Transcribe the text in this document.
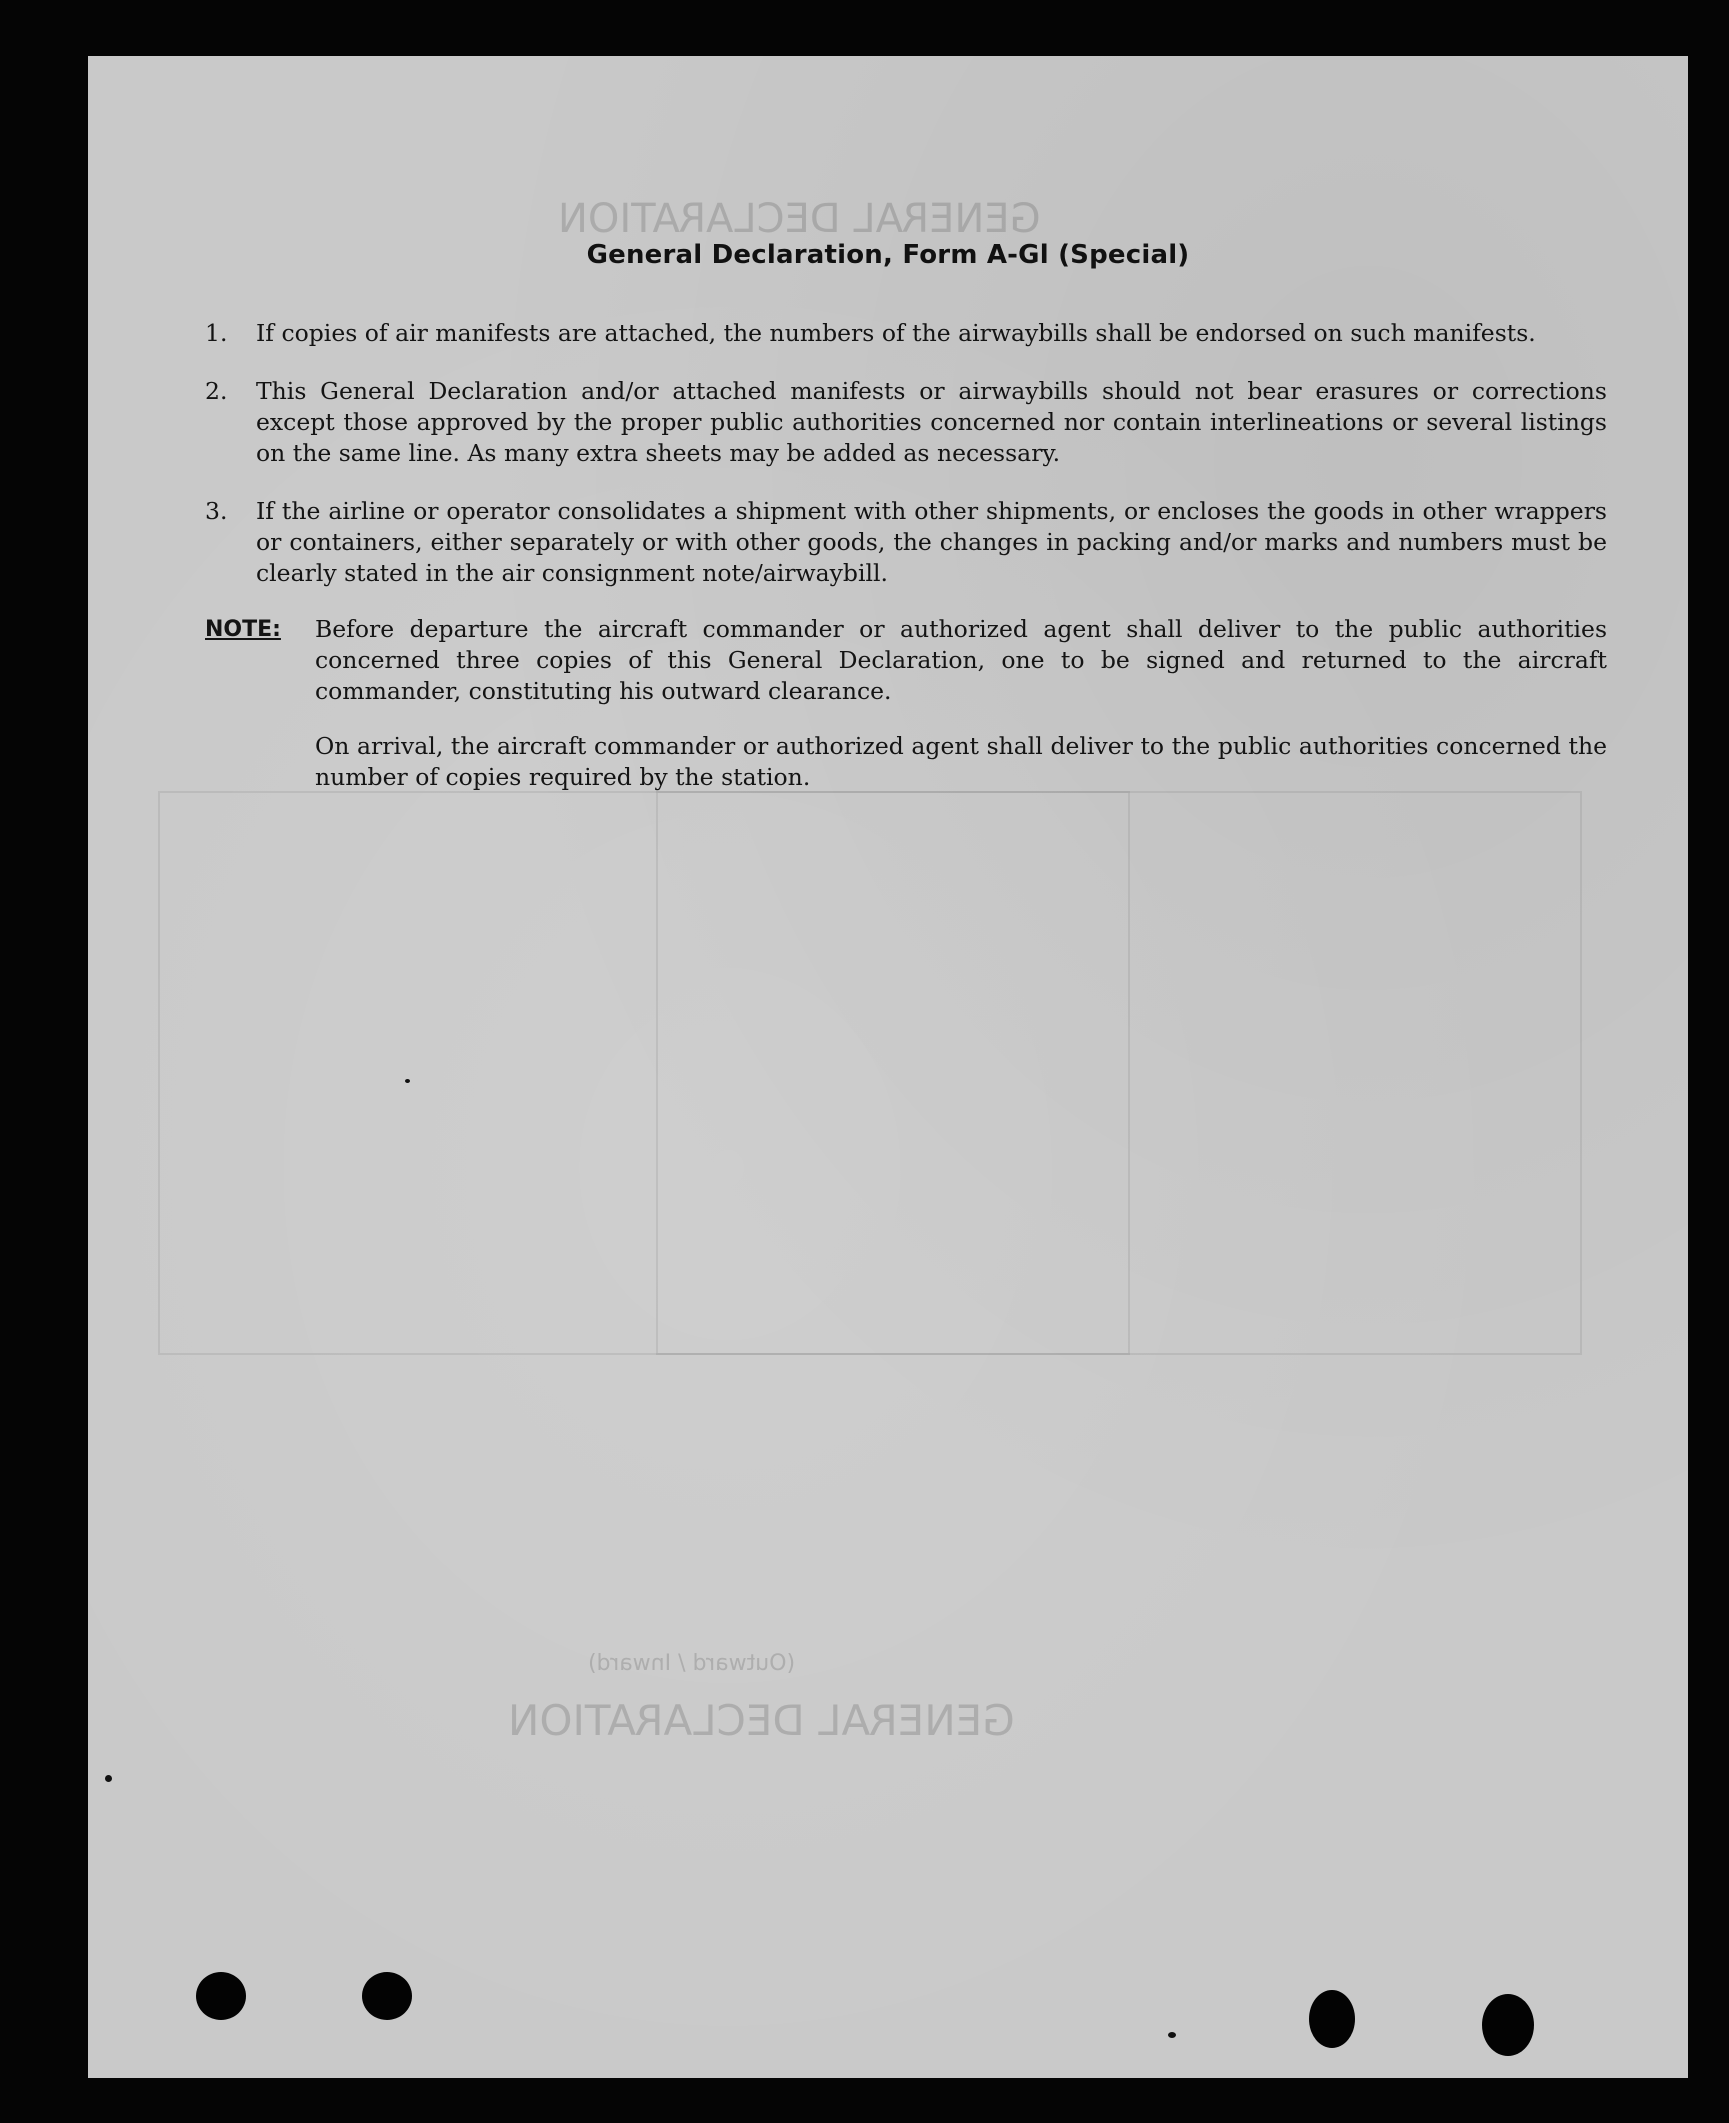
GENERAL DECLARATION
GENERAL DECLARATION
(Outward / Inward)
General Declaration, Form A-Gl (Special)
1. If copies of air manifests are attached, the numbers of the airwaybills shall be endorsed on such manifests.
2. This General Declaration and/or attached manifests or airwaybills should not bear erasures or corrections except those approved by the proper public authorities concerned nor contain interlineations or several listings on the same line. As many extra sheets may be added as necessary.
3. If the airline or operator consolidates a shipment with other shipments, or encloses the goods in other wrappers or containers, either separately or with other goods, the changes in packing and/or marks and numbers must be clearly stated in the air consignment note/airwaybill.
NOTE: Before departure the aircraft commander or authorized agent shall deliver to the public authorities concerned three copies of this General Declaration, one to be signed and returned to the aircraft commander, constituting his outward clearance.
On arrival, the aircraft commander or authorized agent shall deliver to the public authorities concerned the number of copies required by the station.
